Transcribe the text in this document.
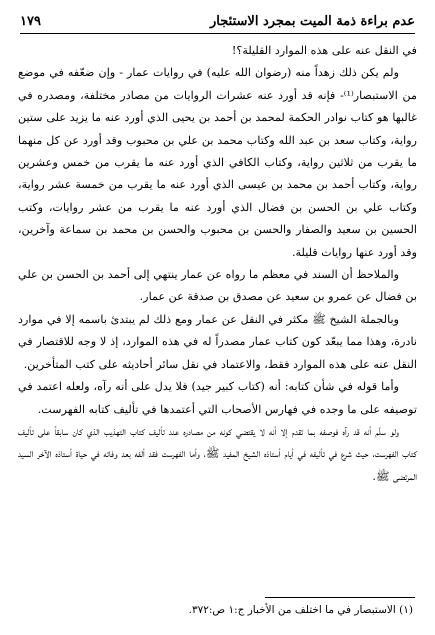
عدم براءة ذمة الميت بمجرد الاستئجار
١٧٩

في النقل عنه على هذه الموارد القليلة؟!

ولم يكن ذلك زهداً منه (رضوان الله عليه) في روايات عمار - وإن ضعّفه في موضع من الاستبصار⁽¹⁾- فإنه قد أورد عنه عشرات الروايات من مصادر مختلفة، ومصدره في غالبها هو كتاب نوادر الحكمة لمحمد بن أحمد بن يحيى الذي أورد عنه ما يزيد على ستين رواية، وكتاب سعد بن عبد الله وكتاب محمد بن علي بن محبوب وقد أورد عن كل منهما ما يقرب من ثلاثين رواية، وكتاب الكافي الذي أورد عنه ما يقرب من خمس وعشرين رواية، وكتاب أحمد بن محمد بن عيسى الذي أورد عنه ما يقرب من خمسة عشر رواية، وكتاب علي بن الحسن بن فضال الذي أورد عنه ما يقرب من عشر روايات، وكتب الحسين بن سعيد والصفار والحسن بن محبوب والحسن بن محمد بن سماعة وآخرين، وقد أورد عنها روايات قليلة.

والملاحظ أن السند في معظم ما رواه عن عمار ينتهي إلى أحمد بن الحسن بن علي بن فضال عن عمرو بن سعيد عن مصدق بن صدقة عن عمار.

وبالجملة الشيخ ﷺ مكثر في النقل عن عمار ومع ذلك لم يبتدئ باسمه إلا في موارد نادرة، وهذا مما يبعّد كون كتاب عمار مصدراً له في هذه الموارد، إذ لا وجه للاقتصار في النقل عنه على هذه الموارد فقط، والاعتماد في نقل سائر أحاديثه على كتب المتأخرين.

وأما قوله في شأن كتابه: أنه (كتاب كبير جيد) فلا يدل على أنه رآه، ولعله اعتمد في توصيفه على ما وجده في فهارس الأصحاب التي أعتمدها في تأليف كتابه الفهرست.

ولو سلّم أنه قد رآه فوصفه بما تقدم إلا أنه لا يقتضي كونه من مصادره عند تأليف كتاب التهذيب الذي كان سابقاً على تأليف كتاب الفهرست، حيث شرع في تأليفه في أيام أستاذه الشيخ المفيد ﷺ، وأما الفهرست فقد ألفه بعد وفاته في حياة أستاذه الآخر السيد المرتضى ﷺ.

(١) الاستبصار في ما اختلف من الأخبار ج:١ ص:٣٧٢.
